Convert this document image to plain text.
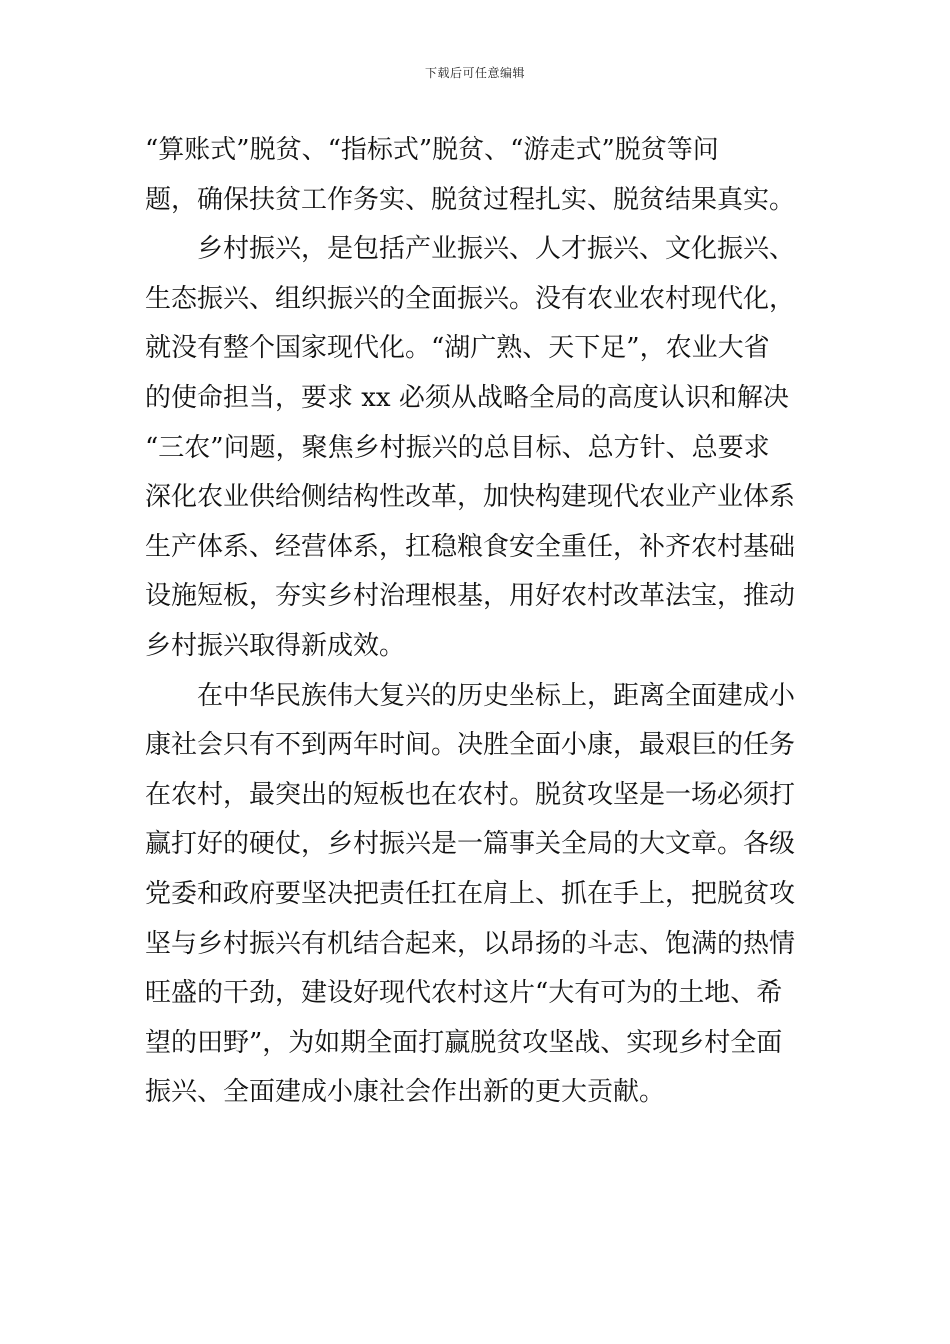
下载后可任意编辑
“算账式”脱贫、“指标式”脱贫、“游走式”脱贫等问
题，确保扶贫工作务实、脱贫过程扎实、脱贫结果真实。
乡村振兴，是包括产业振兴、人才振兴、文化振兴、
生态振兴、组织振兴的全面振兴。没有农业农村现代化，
就没有整个国家现代化。“湖广熟、天下足”，农业大省
的使命担当，要求 xx 必须从战略全局的高度认识和解决
“三农”问题，聚焦乡村振兴的总目标、总方针、总要求
深化农业供给侧结构性改革，加快构建现代农业产业体系
生产体系、经营体系，扛稳粮食安全重任，补齐农村基础
设施短板，夯实乡村治理根基，用好农村改革法宝，推动
乡村振兴取得新成效。
在中华民族伟大复兴的历史坐标上，距离全面建成小
康社会只有不到两年时间。决胜全面小康，最艰巨的任务
在农村，最突出的短板也在农村。脱贫攻坚是一场必须打
赢打好的硬仗，乡村振兴是一篇事关全局的大文章。各级
党委和政府要坚决把责任扛在肩上、抓在手上，把脱贫攻
坚与乡村振兴有机结合起来，以昂扬的斗志、饱满的热情
旺盛的干劲，建设好现代农村这片“大有可为的土地、希
望的田野”，为如期全面打赢脱贫攻坚战、实现乡村全面
振兴、全面建成小康社会作出新的更大贡献。
